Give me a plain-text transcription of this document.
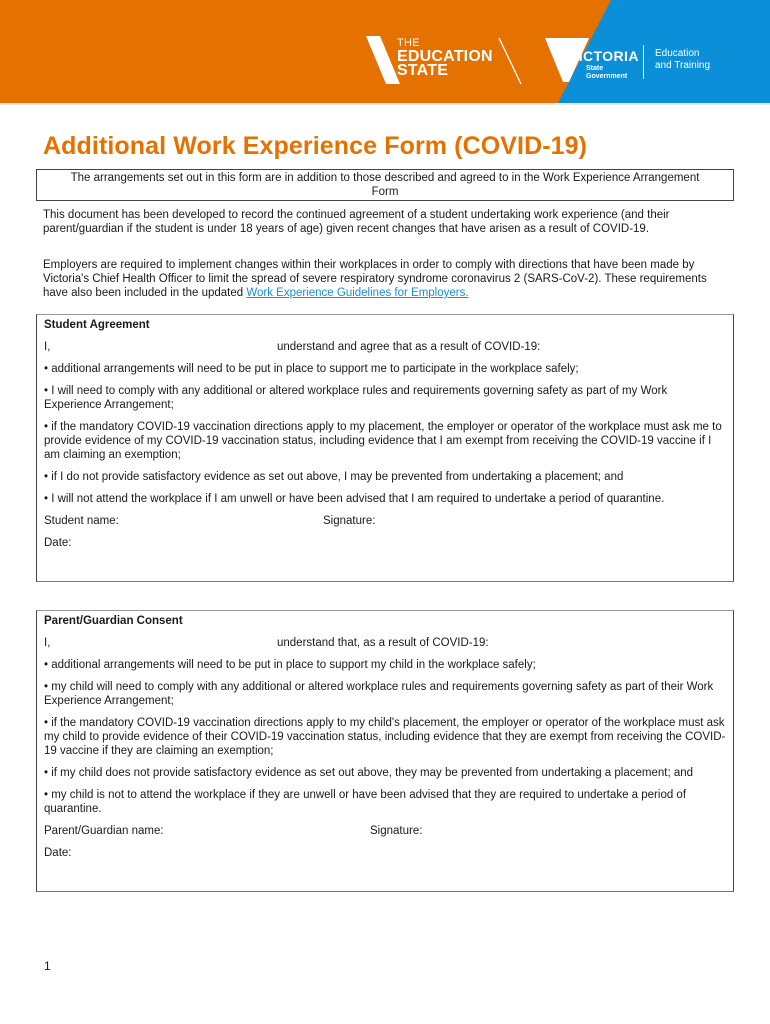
THE
EDUCATION
STATE
VICTORIA
State
Government
Education
and Training
Additional Work Experience Form (COVID-19)
The arrangements set out in this form are in addition to those described and agreed to in the Work Experience Arrangement Form
This document has been developed to record the continued agreement of a student undertaking work experience (and their parent/guardian if the student is under 18 years of age) given recent changes that have arisen as a result of COVID-19.
Employers are required to implement changes within their workplaces in order to comply with directions that have been made by Victoria's Chief Health Officer to limit the spread of severe respiratory syndrome coronavirus 2 (SARS-CoV-2). These requirements have also been included in the updated Work Experience Guidelines for Employers.
Student Agreement
I,	understand and agree that as a result of COVID-19:
• additional arrangements will need to be put in place to support me to participate in the workplace safely;
• I will need to comply with any additional or altered workplace rules and requirements governing safety as part of my Work Experience Arrangement;
• if the mandatory COVID-19 vaccination directions apply to my placement, the employer or operator of the workplace must ask me to provide evidence of my COVID-19 vaccination status, including evidence that I am exempt from receiving the COVID-19 vaccine if I am claiming an exemption;
• if I do not provide satisfactory evidence as set out above, I may be prevented from undertaking a placement; and
• I will not attend the workplace if I am unwell or have been advised that I am required to undertake a period of quarantine.
Student name:	Signature:
Date:
Parent/Guardian Consent
I,	understand that, as a result of COVID-19:
• additional arrangements will need to be put in place to support my child in the workplace safely;
• my child will need to comply with any additional or altered workplace rules and requirements governing safety as part of their Work Experience Arrangement;
• if the mandatory COVID-19 vaccination directions apply to my child's placement, the employer or operator of the workplace must ask my child to provide evidence of their COVID-19 vaccination status, including evidence that they are exempt from receiving the COVID-19 vaccine if they are claiming an exemption;
• if my child does not provide satisfactory evidence as set out above, they may be prevented from undertaking a placement; and
• my child is not to attend the workplace if they are unwell or have been advised that they are required to undertake a period of quarantine.
Parent/Guardian name:	Signature:
Date:
1
